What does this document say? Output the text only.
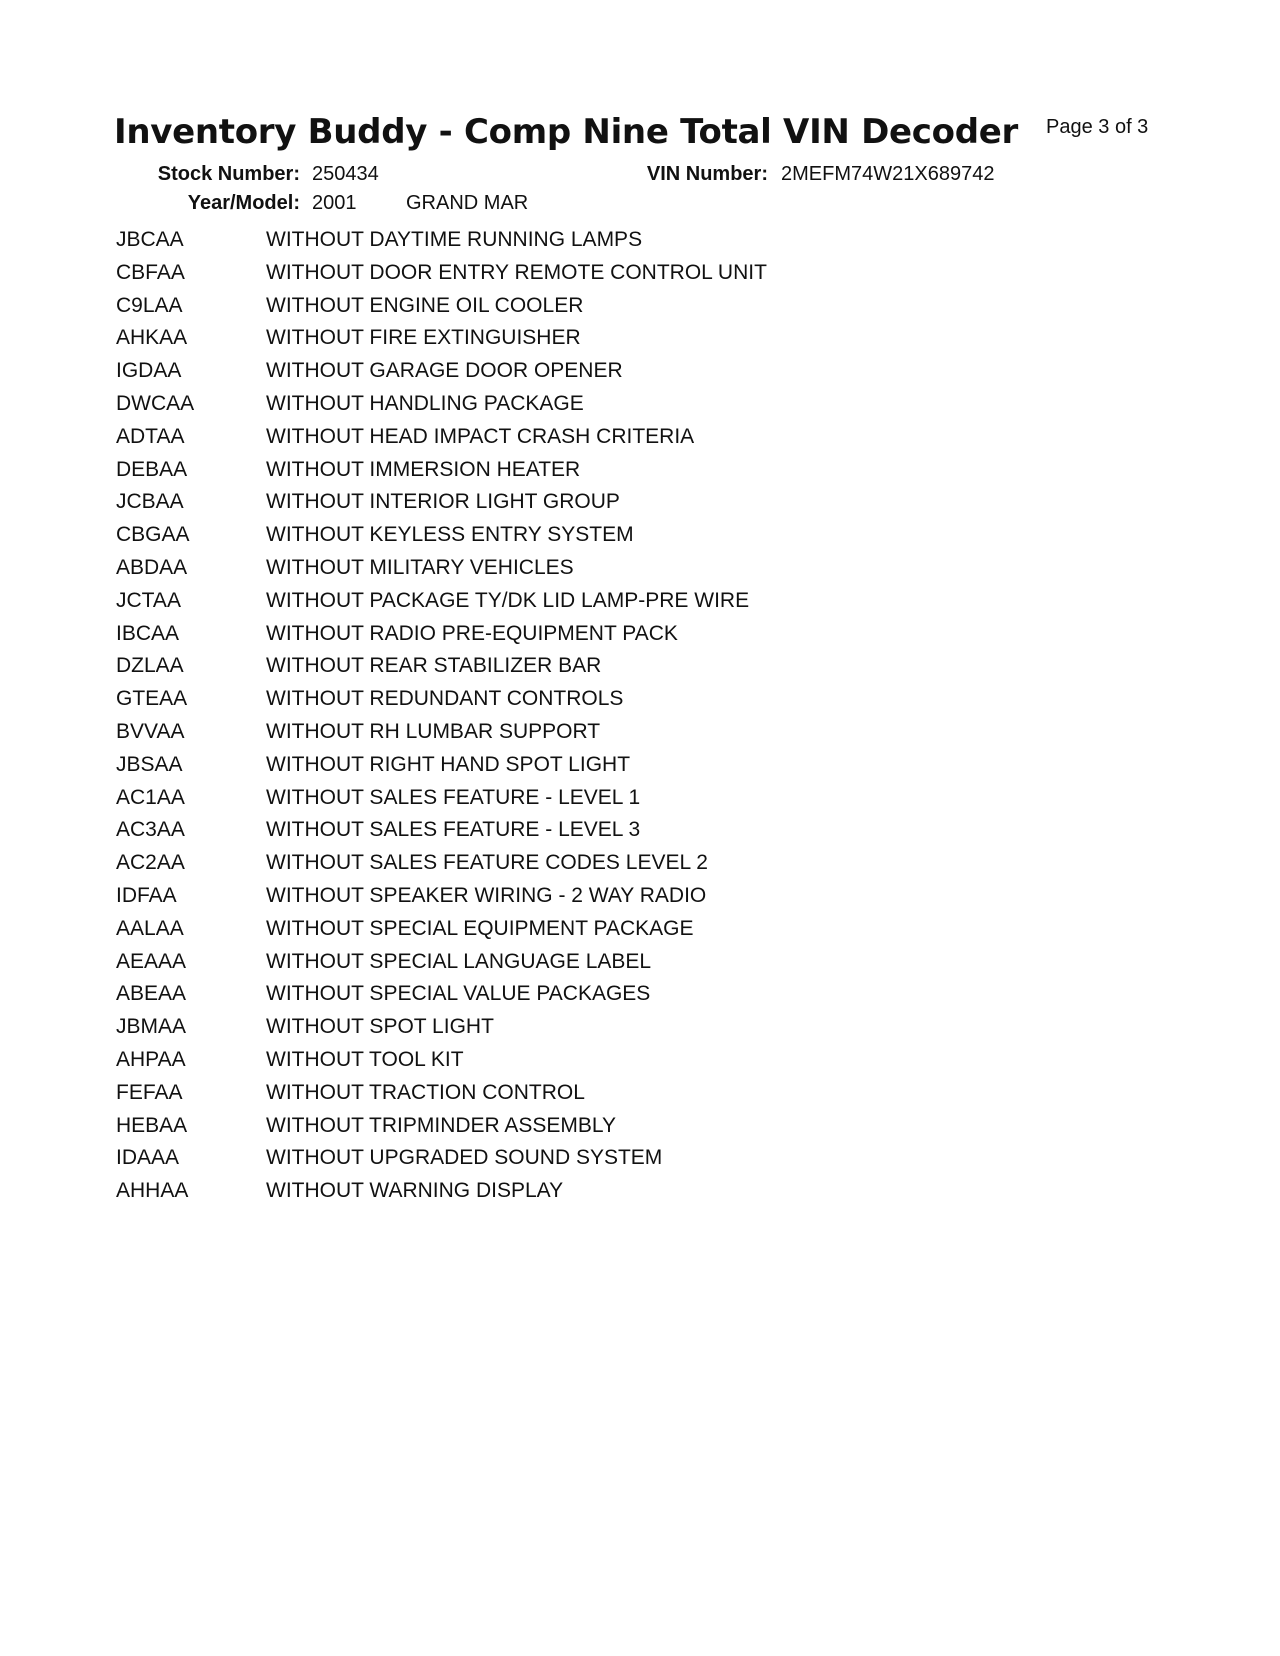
Inventory Buddy - Comp Nine Total VIN Decoder Page 3 of 3
Stock Number: 250434
Year/Model: 2001 GRAND MAR
VIN Number: 2MEFM74W21X689742
JBCAA	WITHOUT DAYTIME RUNNING LAMPS
CBFAA	WITHOUT DOOR ENTRY REMOTE CONTROL UNIT
C9LAA	WITHOUT ENGINE OIL COOLER
AHKAA	WITHOUT FIRE EXTINGUISHER
IGDAA	WITHOUT GARAGE DOOR OPENER
DWCAA	WITHOUT HANDLING PACKAGE
ADTAA	WITHOUT HEAD IMPACT CRASH CRITERIA
DEBAA	WITHOUT IMMERSION HEATER
JCBAA	WITHOUT INTERIOR LIGHT GROUP
CBGAA	WITHOUT KEYLESS ENTRY SYSTEM
ABDAA	WITHOUT MILITARY VEHICLES
JCTAA	WITHOUT PACKAGE TY/DK LID LAMP-PRE WIRE
IBCAA	WITHOUT RADIO PRE-EQUIPMENT PACK
DZLAA	WITHOUT REAR STABILIZER BAR
GTEAA	WITHOUT REDUNDANT CONTROLS
BVVAA	WITHOUT RH LUMBAR SUPPORT
JBSAA	WITHOUT RIGHT HAND SPOT LIGHT
AC1AA	WITHOUT SALES FEATURE - LEVEL 1
AC3AA	WITHOUT SALES FEATURE - LEVEL 3
AC2AA	WITHOUT SALES FEATURE CODES LEVEL 2
IDFAA	WITHOUT SPEAKER WIRING - 2 WAY RADIO
AALAA	WITHOUT SPECIAL EQUIPMENT PACKAGE
AEAAA	WITHOUT SPECIAL LANGUAGE LABEL
ABEAA	WITHOUT SPECIAL VALUE PACKAGES
JBMAA	WITHOUT SPOT LIGHT
AHPAA	WITHOUT TOOL KIT
FEFAA	WITHOUT TRACTION CONTROL
HEBAA	WITHOUT TRIPMINDER ASSEMBLY
IDAAA	WITHOUT UPGRADED SOUND SYSTEM
AHHAA	WITHOUT WARNING DISPLAY
